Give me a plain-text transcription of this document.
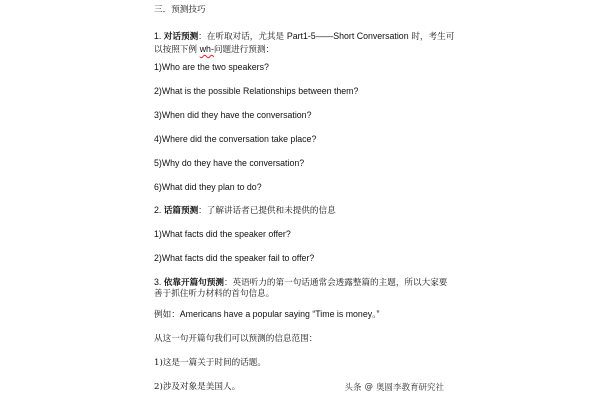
三．预测技巧
1. 对话预测：在听取对话，尤其是 Part1-5——Short Conversation 时，考生可
以按照下例 wh-问题进行预测：
1)Who are the two speakers?
2)What is the possible Relationships between them?
3)When did they have the conversation?
4)Where did the conversation take place?
5)Why do they have the conversation?
6)What did they plan to do?
2. 话篇预测：了解讲话者已提供和未提供的信息
1)What facts did the speaker offer?
2)What facts did the speaker fail to offer?
3. 依靠开篇句预测：英语听力的第一句话通常会透露整篇的主题，所以大家要
善于抓住听力材料的首句信息。
例如：Americans have a popular saying “Time is money。”
从这一句开篇句我们可以预测的信息范围：
1)这是一篇关于时间的话题。
2)涉及对象是美国人。	头条 @ 奥圆李教育研究社
